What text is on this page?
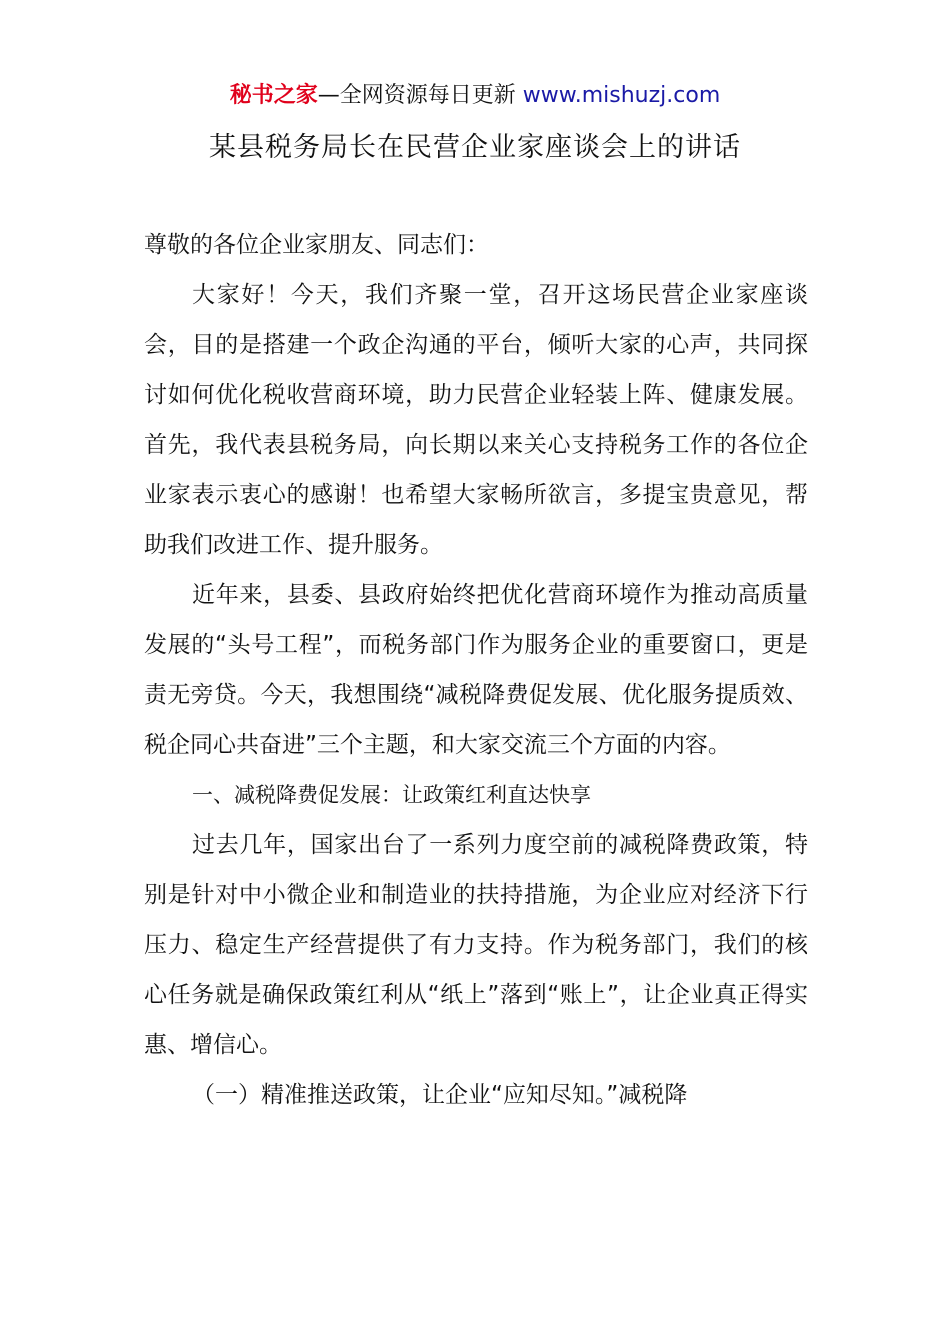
秘书之家—全网资源每日更新 www.mishuzj.com
某县税务局长在民营企业家座谈会上的讲话

尊敬的各位企业家朋友、同志们：

大家好！今天，我们齐聚一堂，召开这场民营企业家座谈会，目的是搭建一个政企沟通的平台，倾听大家的心声，共同探讨如何优化税收营商环境，助力民营企业轻装上阵、健康发展。首先，我代表县税务局，向长期以来关心支持税务工作的各位企业家表示衷心的感谢！也希望大家畅所欲言，多提宝贵意见，帮助我们改进工作、提升服务。

近年来，县委、县政府始终把优化营商环境作为推动高质量发展的“头号工程”，而税务部门作为服务企业的重要窗口，更是责无旁贷。今天，我想围绕“减税降费促发展、优化服务提质效、税企同心共奋进”三个主题，和大家交流三个方面的内容。

一、减税降费促发展：让政策红利直达快享

过去几年，国家出台了一系列力度空前的减税降费政策，特别是针对中小微企业和制造业的扶持措施，为企业应对经济下行压力、稳定生产经营提供了有力支持。作为税务部门，我们的核心任务就是确保政策红利从“纸上”落到“账上”，让企业真正得实惠、增信心。

（一）精准推送政策，让企业“应知尽知。”减税降
